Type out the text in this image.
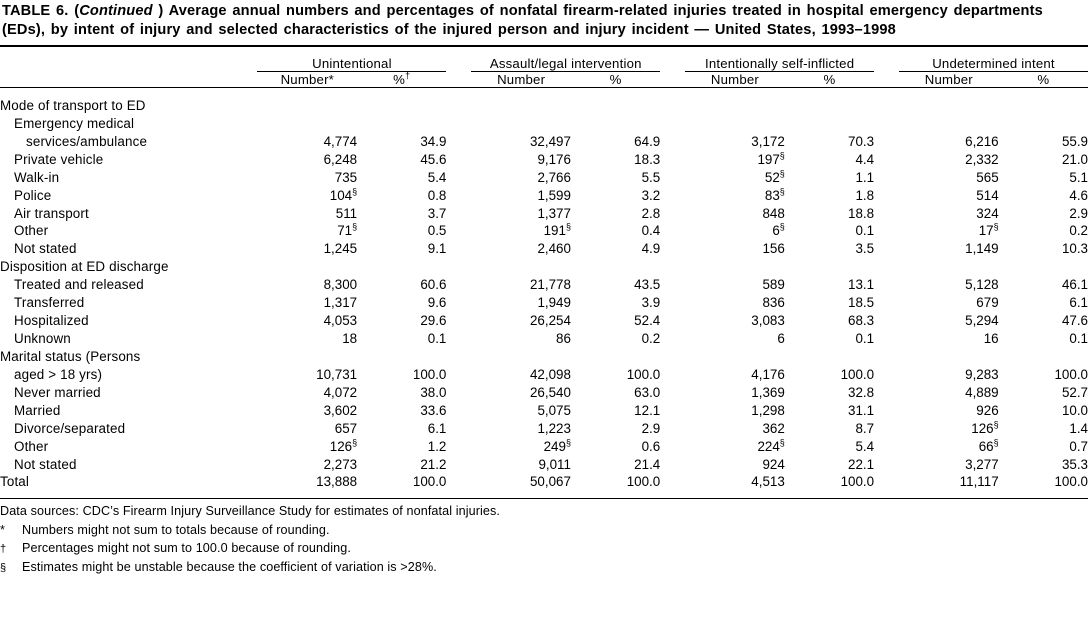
TABLE 6. (Continued ) Average annual numbers and percentages of nonfatal firearm-related injuries treated in hospital emergency departments (EDs), by intent of injury and selected characteristics of the injured person and injury incident — United States, 1993–1998

	Unintentional			Assault/legal intervention			Intentionally self-inflicted			Undetermined intent	
	Number*	%†		Number	%		Number	%		Number	%

Mode of transport to ED											
Emergency medical											
services/ambulance	4,774	34.9		32,497	64.9		3,172	70.3		6,216	55.9
Private vehicle	6,248	45.6		9,176	18.3		197§	4.4		2,332	21.0
Walk-in	735	5.4		2,766	5.5		52§	1.1		565	5.1
Police	104§	0.8		1,599	3.2		83§	1.8		514	4.6
Air transport	511	3.7		1,377	2.8		848	18.8		324	2.9
Other	71§	0.5		191§	0.4		6§	0.1		17§	0.2
Not stated	1,245	9.1		2,460	4.9		156	3.5		1,149	10.3
Disposition at ED discharge											
Treated and released	8,300	60.6		21,778	43.5		589	13.1		5,128	46.1
Transferred	1,317	9.6		1,949	3.9		836	18.5		679	6.1
Hospitalized	4,053	29.6		26,254	52.4		3,083	68.3		5,294	47.6
Unknown	18	0.1		86	0.2		6	0.1		16	0.1
Marital status (Persons											
aged > 18 yrs)	10,731	100.0		42,098	100.0		4,176	100.0		9,283	100.0
Never married	4,072	38.0		26,540	63.0		1,369	32.8		4,889	52.7
Married	3,602	33.6		5,075	12.1		1,298	31.1		926	10.0
Divorce/separated	657	6.1		1,223	2.9		362	8.7		126§	1.4
Other	126§	1.2		249§	0.6		224§	5.4		66§	0.7
Not stated	2,273	21.2		9,011	21.4		924	22.1		3,277	35.3
Total	13,888	100.0		50,067	100.0		4,513	100.0		11,117	100.0

Data sources: CDC’s Firearm Injury Surveillance Study for estimates of nonfatal injuries.
*	Numbers might not sum to totals because of rounding.
†	Percentages might not sum to 100.0 because of rounding.
§	Estimates might be unstable because the coefficient of variation is >28%.
